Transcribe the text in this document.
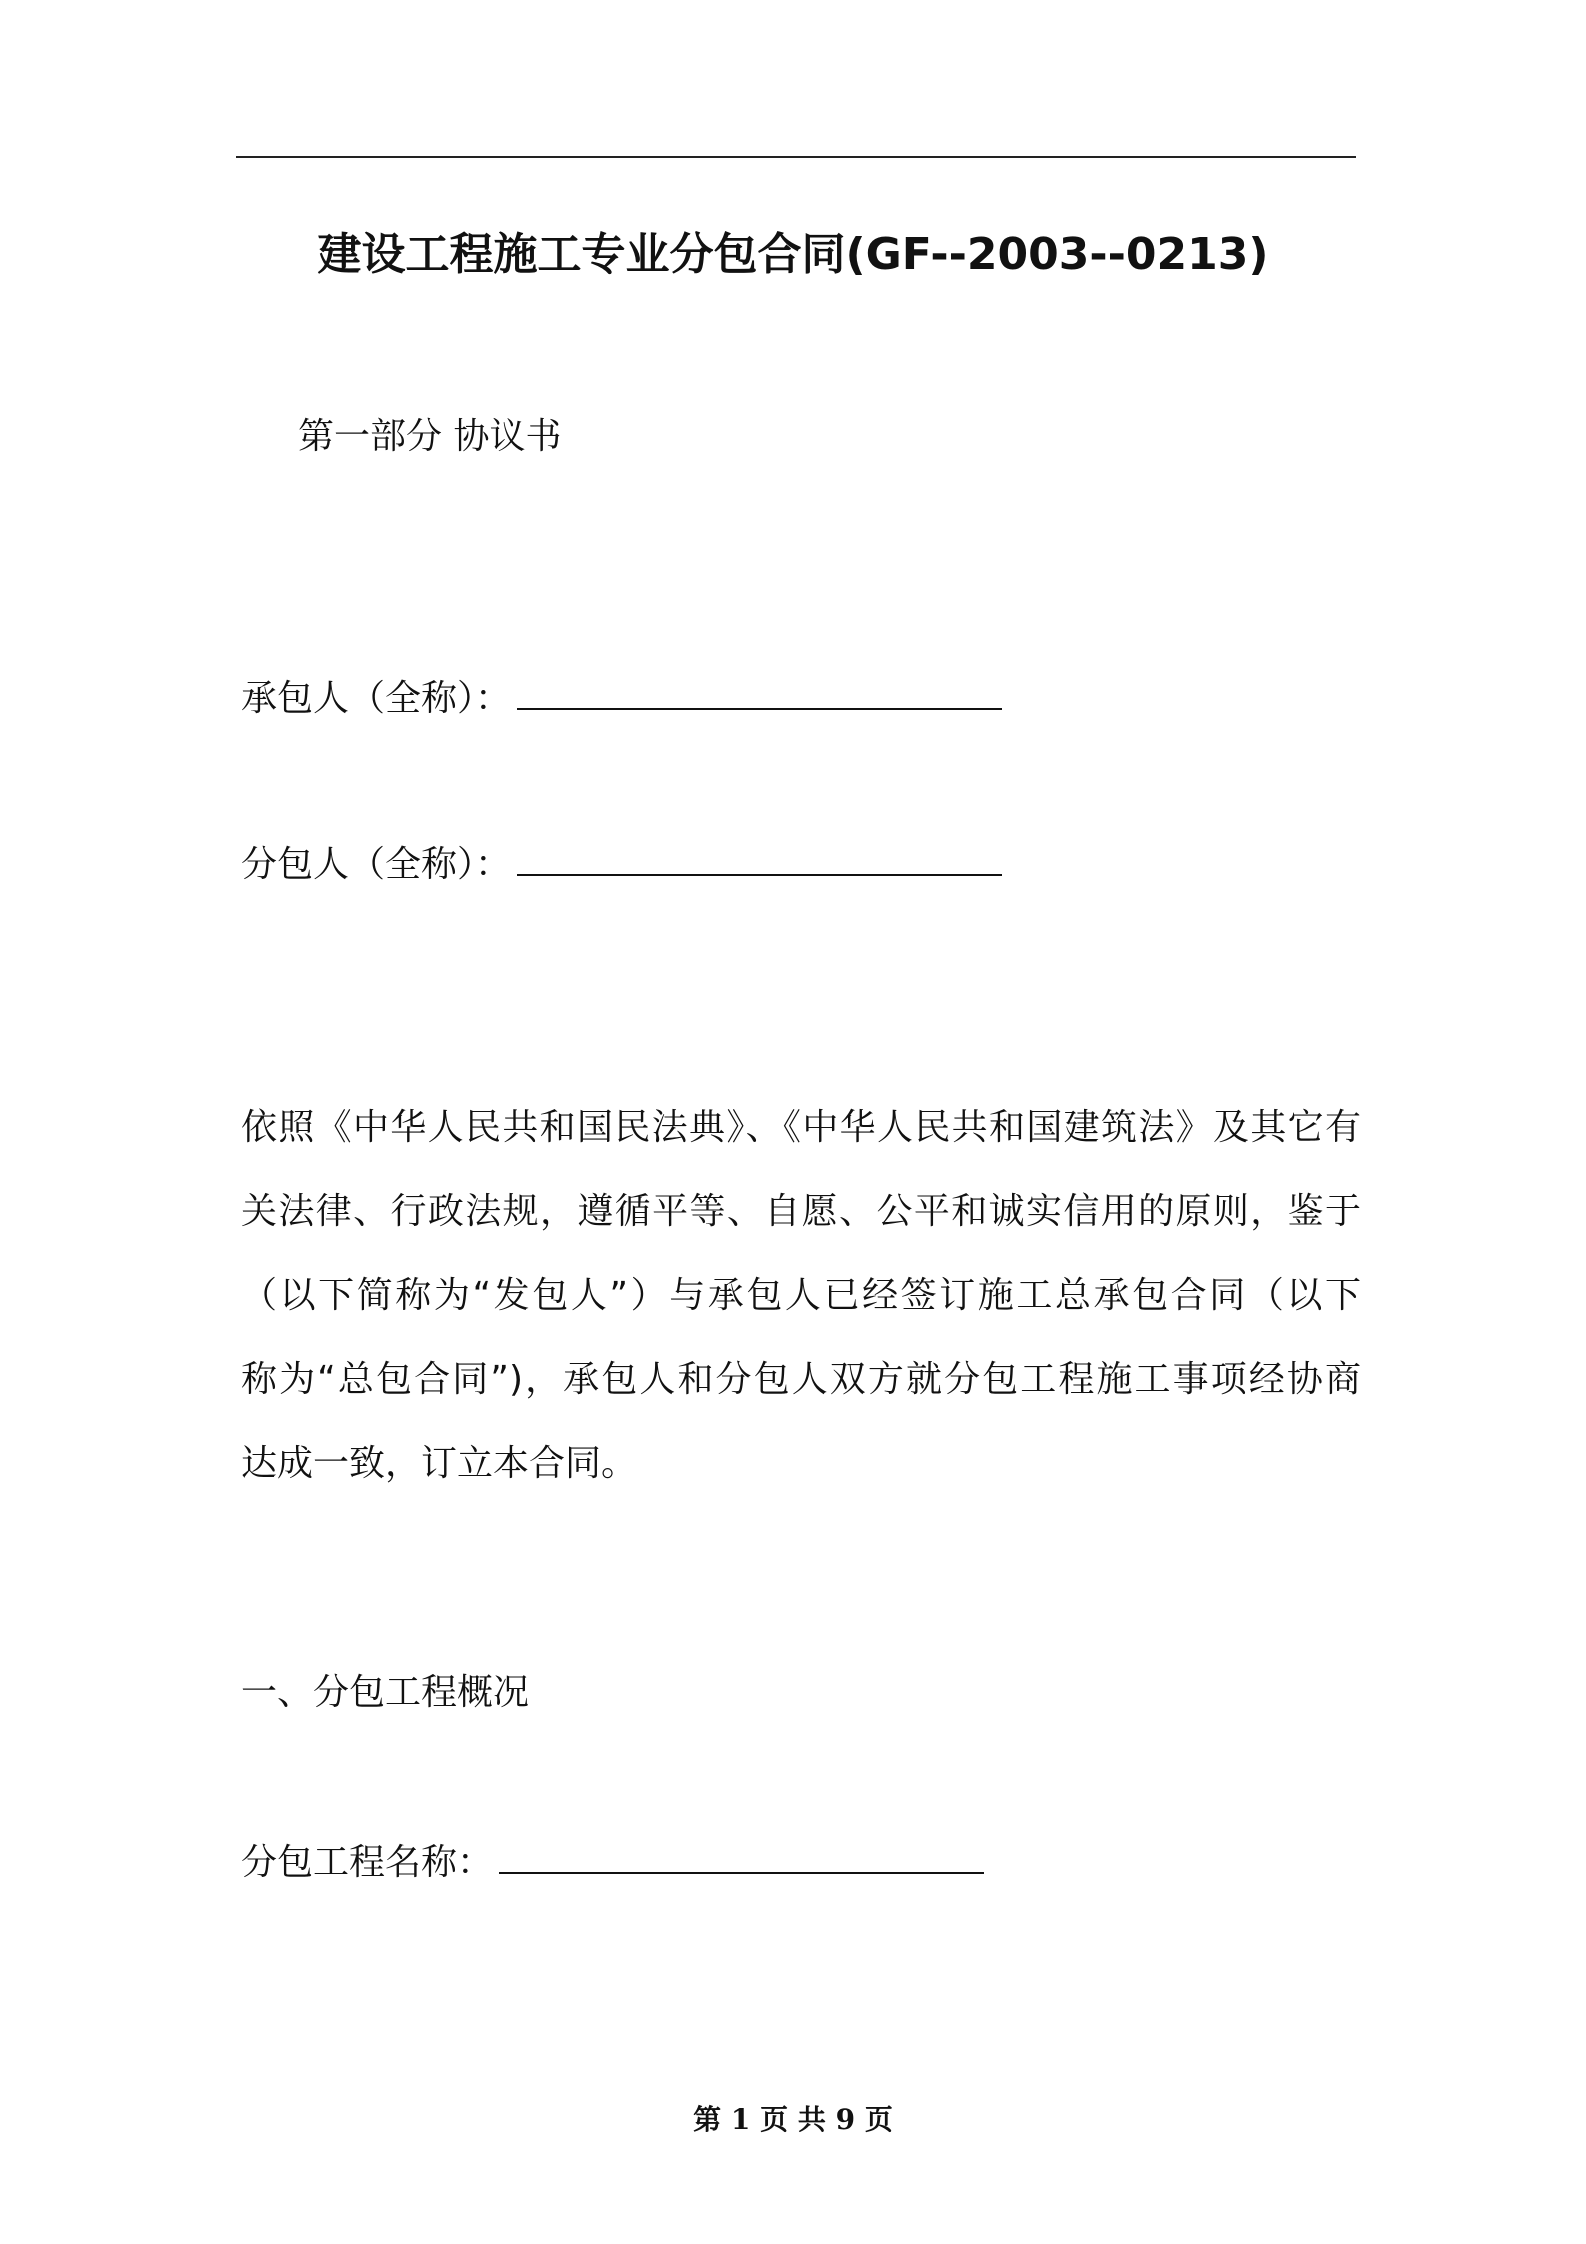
建设工程施工专业分包合同(GF--2003--0213)
第一部分 协议书
承包人（全称）：
分包人（全称）：
依照《中华人民共和国民法典》、《中华人民共和国建筑法》及其它有
关法律、行政法规，遵循平等、自愿、公平和诚实信用的原则，鉴于
（以下简称为“发包人”）与承包人已经签订施工总承包合同（以下
称为“总包合同”)，承包人和分包人双方就分包工程施工事项经协商
达成一致，订立本合同。
一、分包工程概况
分包工程名称：
第 1 页 共 9 页
